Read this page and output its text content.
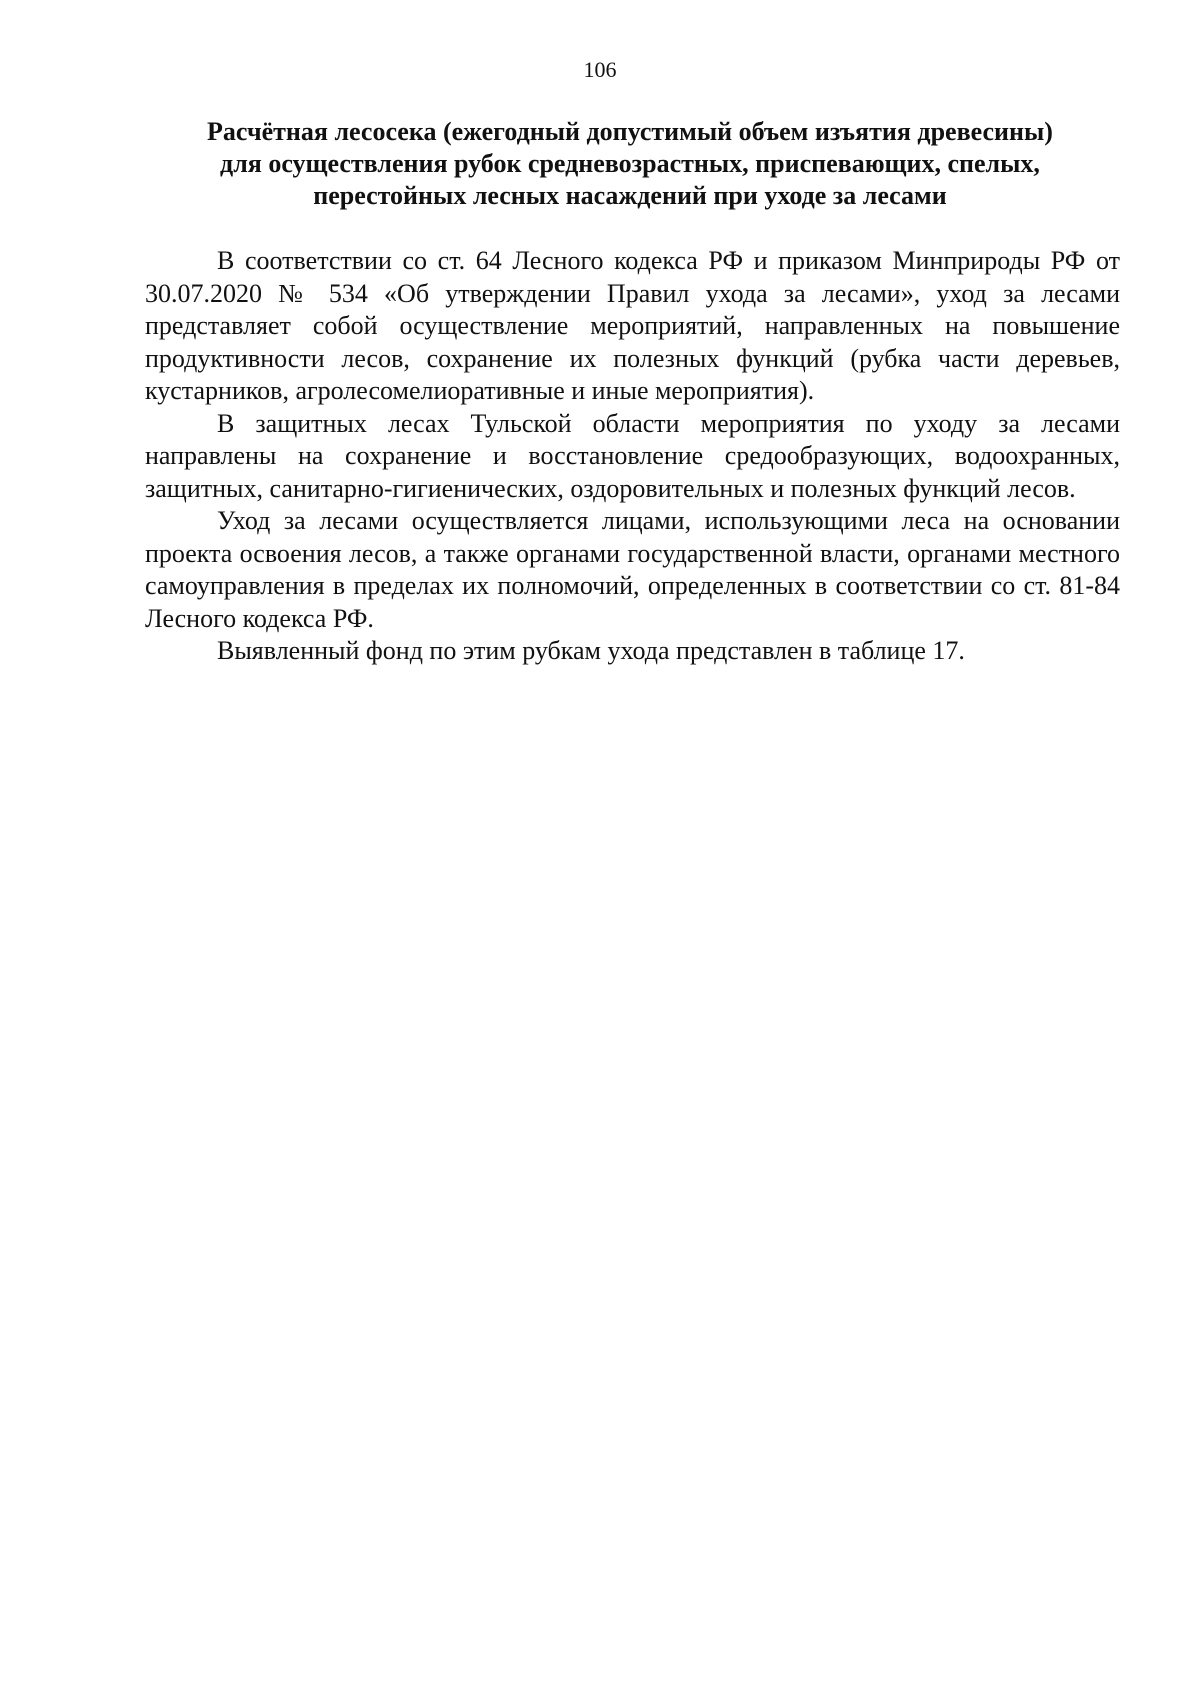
106
Расчётная лесосека (ежегодный допустимый объем изъятия древесины)
для осуществления рубок средневозрастных, приспевающих, спелых,
перестойных лесных насаждений при уходе за лесами

В соответствии со ст. 64 Лесного кодекса РФ и приказом Минприроды РФ от 30.07.2020 № 534 «Об утверждении Правил ухода за лесами», уход за лесами представляет собой осуществление мероприятий, направленных на повышение продуктивности лесов, сохранение их полезных функций (рубка части деревьев, кустарников, агролесомелиоративные и иные мероприятия).

В защитных лесах Тульской области мероприятия по уходу за лесами направлены на сохранение и восстановление средообразующих, водоохранных, защитных, санитарно-гигиенических, оздоровительных и полезных функций лесов.

Уход за лесами осуществляется лицами, использующими леса на основании проекта освоения лесов, а также органами государственной власти, органами местного самоуправления в пределах их полномочий, определенных в соответствии со ст. 81-84 Лесного кодекса РФ.

Выявленный фонд по этим рубкам ухода представлен в таблице 17.
